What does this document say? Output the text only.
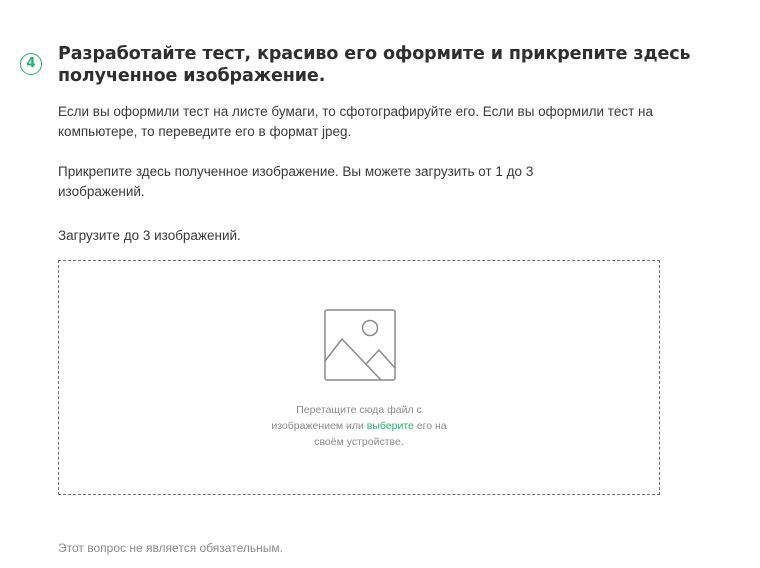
4	Разработайте тест, красиво его оформите и прикрепите здесь полученное изображение.

Если вы оформили тест на листе бумаги, то сфотографируйте его. Если вы оформили тест на компьютере, то переведите его в формат jpeg.

Прикрепите здесь полученное изображение. Вы можете загрузить от 1 до 3 изображений.

Загрузите до 3 изображений.

Перетащите сюда файл с изображением или выберите его на своём устройстве.

Этот вопрос не является обязательным.
